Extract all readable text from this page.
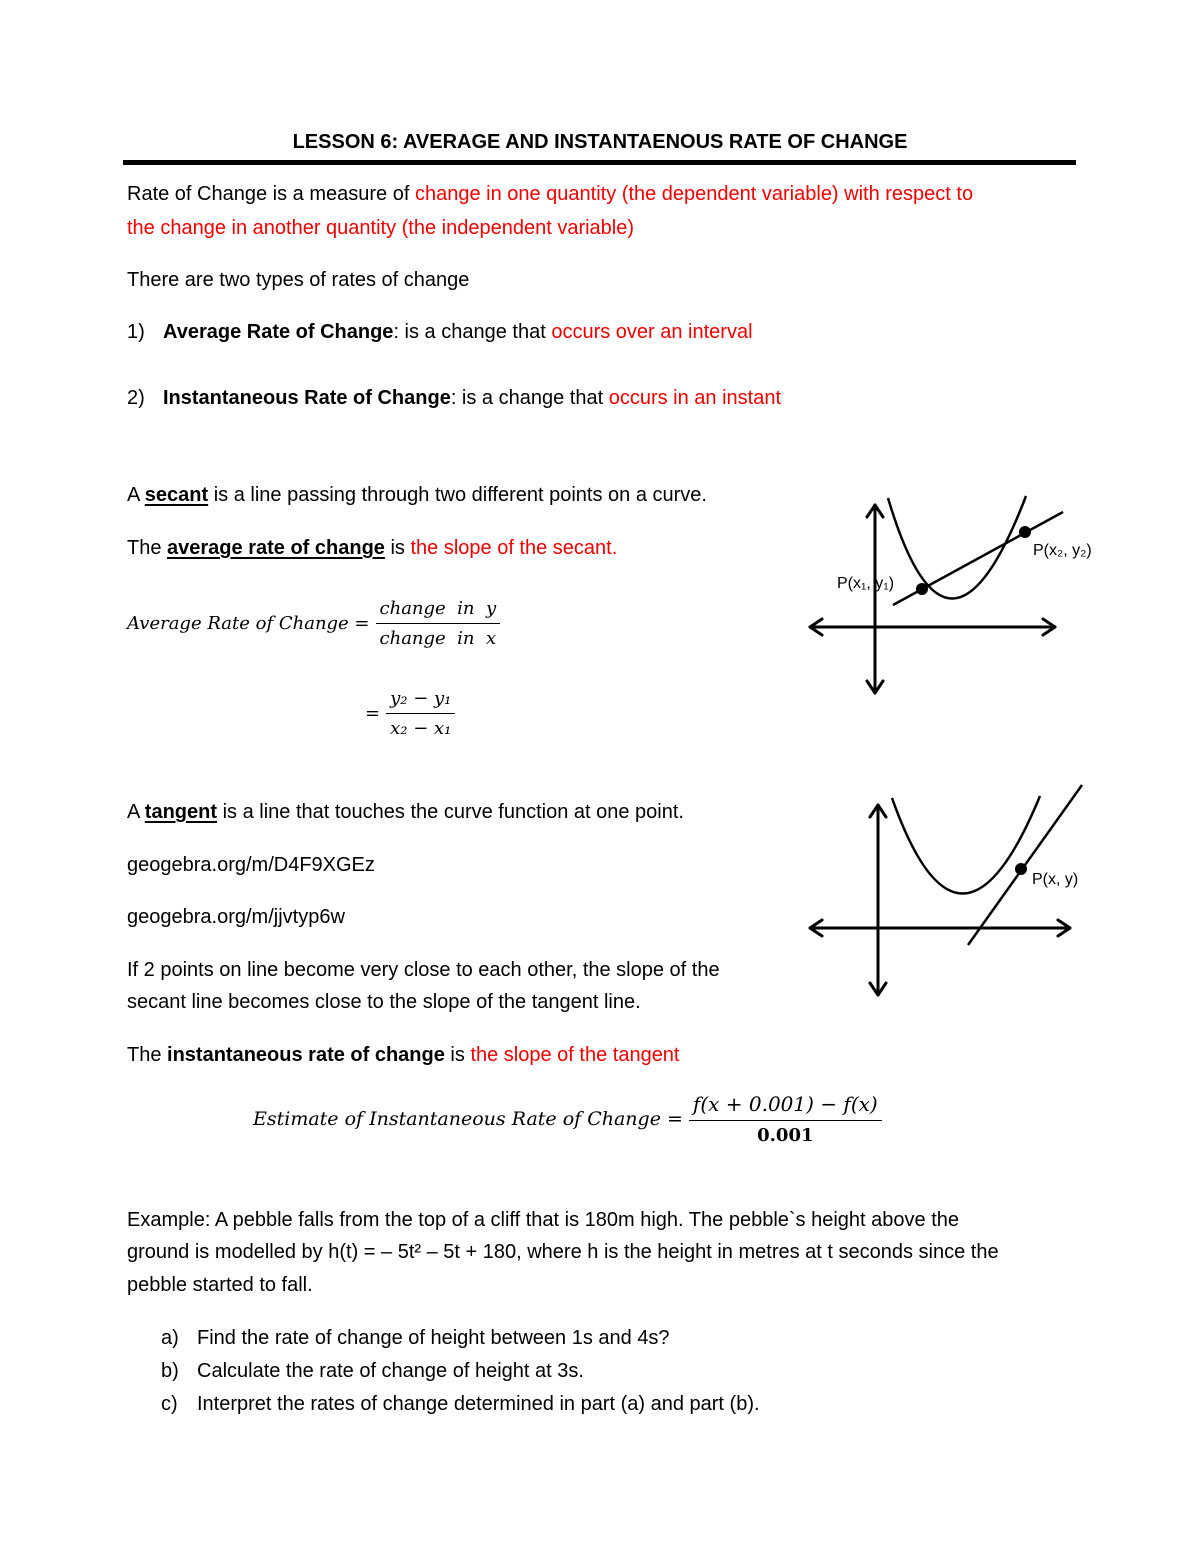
LESSON 6: AVERAGE AND INSTANTAENOUS RATE OF CHANGE
Rate of Change is a measure of change in one quantity (the dependent variable) with respect to
the change in another quantity (the independent variable)
There are two types of rates of change
1) Average Rate of Change: is a change that occurs over an interval
2) Instantaneous Rate of Change: is a change that occurs in an instant
A secant is a line passing through two different points on a curve.
The average rate of change is the slope of the secant.
Average Rate of Change = $\frac{\text{change  in  y}}{\text{change  in  x}}$
= $\frac{\text{y₂ − y₁}}{\text{x₂ − x₁}}$
P(x₁, y₁)
P(x₂, y₂)
A tangent is a line that touches the curve function at one point.
geogebra.org/m/D4F9XGEz
geogebra.org/m/jjvtyp6w
If 2 points on line become very close to each other, the slope of the
secant line becomes close to the slope of the tangent line.
The instantaneous rate of change is the slope of the tangent
P(x, y)
Estimate of Instantaneous Rate of Change = $\frac{f(x + 0.001) - f(x)}{0.001}$
Example: A pebble falls from the top of a cliff that is 180m high. The pebble`s height above the
ground is modelled by h(t) = – 5t² – 5t + 180, where h is the height in metres at t seconds since the
pebble started to fall.
a) Find the rate of change of height between 1s and 4s?
b) Calculate the rate of change of height at 3s.
c) Interpret the rates of change determined in part (a) and part (b).
